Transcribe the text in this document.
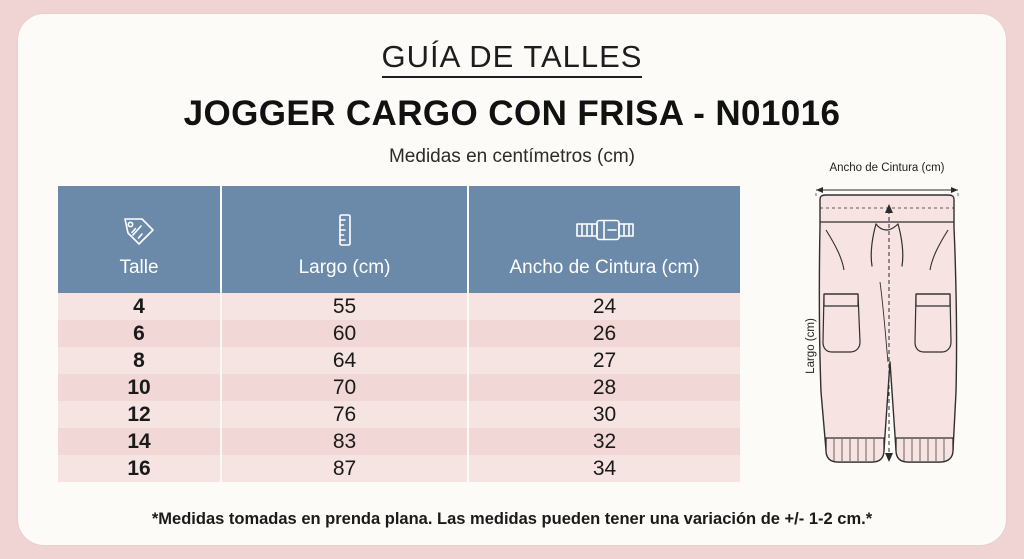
GUÍA DE TALLES
JOGGER CARGO CON FRISA - N01016
Medidas en centímetros (cm)
Talle	Largo (cm)	Ancho de Cintura (cm)

4	55	24
6	60	26
8	64	27
10	70	28
12	76	30
14	83	32
16	87	34
*Medidas tomadas en prenda plana. Las medidas pueden tener una variación de +/- 1-2 cm.*
Ancho de Cintura (cm)
Largo (cm)
